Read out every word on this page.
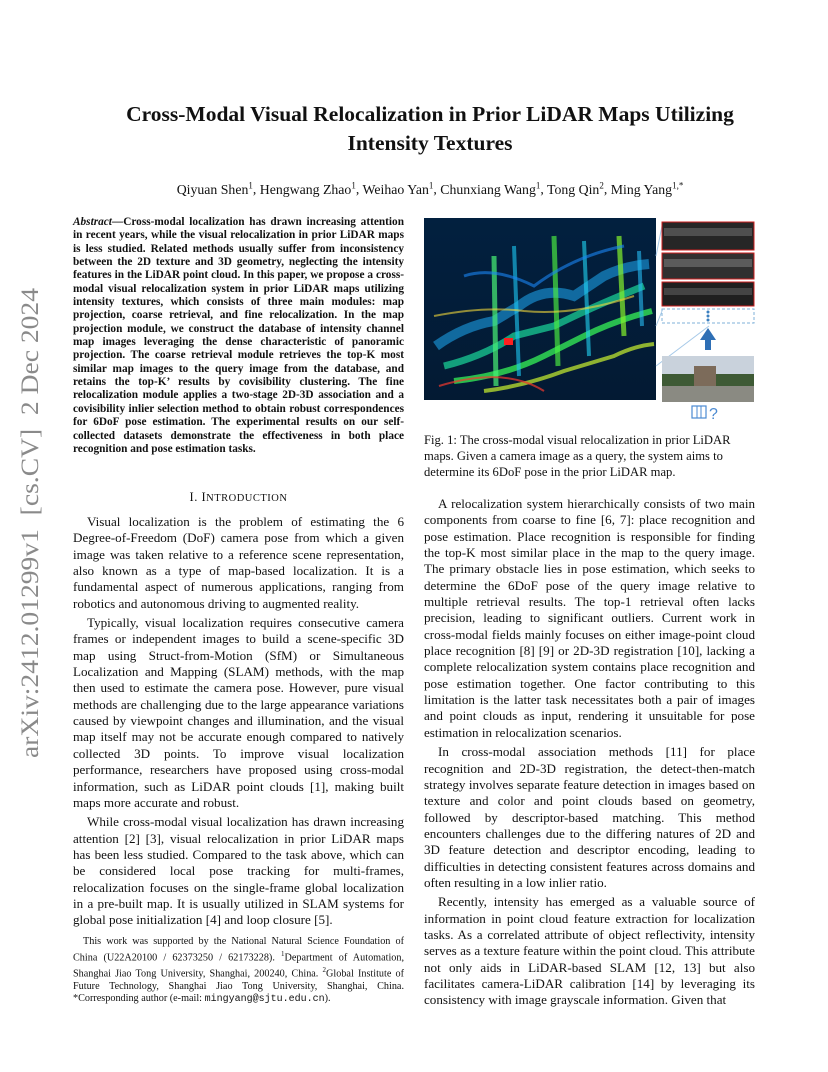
arXiv:2412.01299v1  [cs.CV]  2 Dec 2024
Cross-Modal Visual Relocalization in Prior LiDAR Maps Utilizing
Intensity Textures
Qiyuan Shen$^1$, Hengwang Zhao$^1$, Weihao Yan$^1$, Chunxiang Wang$^1$, Tong Qin$^2$, Ming Yang$^{1,*}$
Abstract—Cross-modal localization has drawn increasing attention in recent years, while the visual relocalization in prior LiDAR maps is less studied. Related methods usually suffer from inconsistency between the 2D texture and 3D geometry, neglecting the intensity features in the LiDAR point cloud. In this paper, we propose a cross-modal visual relocalization system in prior LiDAR maps utilizing intensity textures, which consists of three main modules: map projection, coarse retrieval, and fine relocalization. In the map projection module, we construct the database of intensity channel map images leveraging the dense characteristic of panoramic projection. The coarse retrieval module retrieves the top-K most similar map images to the query image from the database, and retains the top-K’ results by covisibility clustering. The fine relocalization module applies a two-stage 2D-3D association and a covisibility inlier selection method to obtain robust correspondences for 6DoF pose estimation. The experimental results on our self-collected datasets demonstrate the effectiveness in both place recognition and pose estimation tasks.
I. INTRODUCTION

Visual localization is the problem of estimating the 6 Degree-of-Freedom (DoF) camera pose from which a given image was taken relative to a reference scene representation, also known as a type of map-based localization. It is a fundamental aspect of numerous applications, ranging from robotics and autonomous driving to augmented reality.

Typically, visual localization requires consecutive camera frames or independent images to build a scene-specific 3D map using Struct-from-Motion (SfM) or Simultaneous Localization and Mapping (SLAM) methods, with the map then used to estimate the camera pose. However, pure visual methods are challenging due to the large appearance variations caused by viewpoint changes and illumination, and the visual map itself may not be accurate enough compared to natively collected 3D points. To improve visual localization performance, researchers have proposed using cross-modal information, such as LiDAR point clouds [1], making built maps more accurate and robust.

While cross-modal visual localization has drawn increasing attention [2] [3], visual relocalization in prior LiDAR maps has been less studied. Compared to the task above, which can be considered local pose tracking for multi-frames, relocalization focuses on the single-frame global localization in a pre-built map. It is usually utilized in SLAM systems for global pose initialization [4] and loop closure [5].

This work was supported by the National Natural Science Foundation of China (U22A20100 / 62373250 / 62173228). $^1$Department of Automation, Shanghai Jiao Tong University, Shanghai, 200240, China. $^2$Global Institute of Future Technology, Shanghai Jiao Tong University, Shanghai, China. *Corresponding author (e-mail: mingyang@sjtu.edu.cn).

?
Fig. 1: The cross-modal visual relocalization in prior LiDAR maps. Given a camera image as a query, the system aims to determine its 6DoF pose in the prior LiDAR map.

A relocalization system hierarchically consists of two main components from coarse to fine [6, 7]: place recognition and pose estimation. Place recognition is responsible for finding the top-K most similar place in the map to the query image. The primary obstacle lies in pose estimation, which seeks to determine the 6DoF pose of the query image relative to multiple retrieval results. The top-1 retrieval often lacks precision, leading to significant outliers. Current work in cross-modal fields mainly focuses on either image-point cloud place recognition [8] [9] or 2D-3D registration [10], lacking a complete relocalization system contains place recognition and pose estimation together. One factor contributing to this limitation is the latter task necessitates both a pair of images and point clouds as input, rendering it unsuitable for pose estimation in relocalization scenarios.

In cross-modal association methods [11] for place recognition and 2D-3D registration, the detect-then-match strategy involves separate feature detection in images based on texture and color and point clouds based on geometry, followed by descriptor-based matching. This method encounters challenges due to the differing natures of 2D and 3D feature detection and descriptor encoding, leading to difficulties in detecting consistent features across domains and often resulting in a low inlier ratio.

Recently, intensity has emerged as a valuable source of information in point cloud feature extraction for localization tasks. As a correlated attribute of object reflectivity, intensity serves as a texture feature within the point cloud. This attribute not only aids in LiDAR-based SLAM [12, 13] but also facilitates camera-LiDAR calibration [14] by leveraging its consistency with image grayscale information. Given that
